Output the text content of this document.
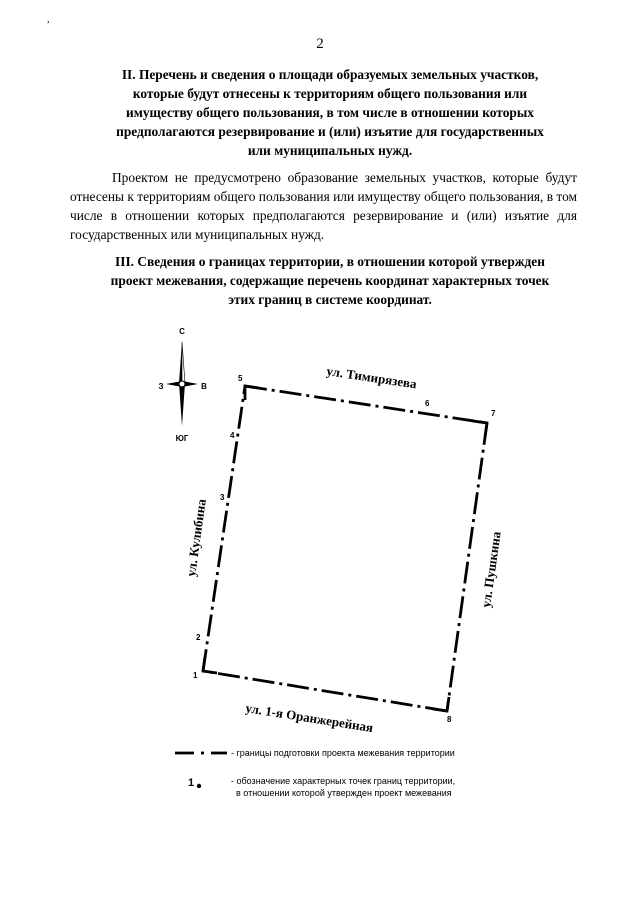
,
2
II. Перечень и сведения о площади образуемых земельных участков,
которые будут отнесены к территориям общего пользования или
имуществу общего пользования, в том числе в отношении которых
предполагаются резервирование и (или) изъятие для государственных
или муниципальных нужд.
Проектом не предусмотрено образование земельных участков, которые будут отнесены к территориям общего пользования или имуществу общего пользования, в том числе в отношении которых предполагаются резервирование и (или) изъятие для государственных или муниципальных нужд.
III. Сведения о границах территории, в отношении которой утвержден
проект межевания, содержащие перечень координат характерных точек
этих границ в системе координат.
С
З	В
ЮГ
1
2
3
4
5
6
7
8
ул. Тимирязева
ул. Кулибина	ул. Пушкина
ул. 1-я Оранжерейная
1
- границы подготовки проекта межевания территории
- обозначение характерных точек границ территории,
в отношении которой утвержден проект межевания
